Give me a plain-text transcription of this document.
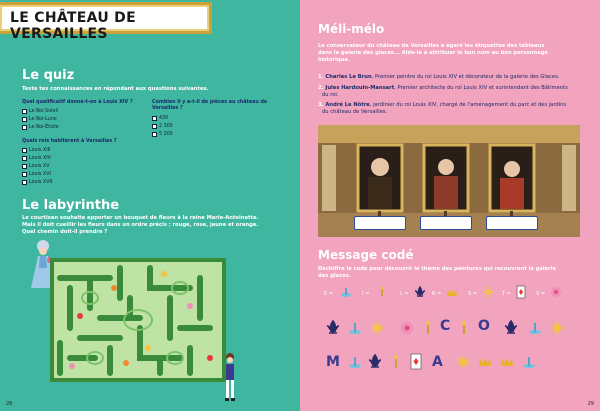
LE CHÂTEAU DE VERSAILLES
Le quiz
Teste tes connaissances en répondant aux questions suivantes.
Quel qualificatif donne-t-on à Louis XIV ?
Le Roi-Soleil
Le Roi-Lune
Le Roi-Étoile
Combien il y a-t-il de pièces au château de Versailles ?
430
2 300
5 200
Quels rois habitèrent à Versailles ?
Louis XIII
Louis XIV
Louis XV
Louis XVI
Louis XVII
Le labyrinthe
Le courtisan souhaite apporter un bouquet de fleurs à la reine Marie-Antoinette.
Mais il doit cueillir les fleurs dans un ordre précis : rouge, rose, jaune et orange.
Quel chemin doit-il prendre ?
28
Méli-mélo
Le conservateur du château de Versailles a égaré les étiquettes des tableaux
dans la galerie des glaces... Aide-le à attribuer le bon nom au bon personnage
historique.
1. Charles Le Brun, Premier peintre du roi Louis XIV et décorateur de la galerie des Glaces.
2. Jules Hardouin-Mansart, Premier architecte du roi Louis XIV et surintendant des Bâtiments
du roi.
3. André Le Nôtre, jardinier du roi Louis XIV, chargé de l'aménagement du parc et des jardins
du château de Versailles.
Message codé
Déchiffre le code pour découvrir le thème des peintures qui recouvrent la galerie
des glaces.
E =	I =	L =	R =	S =	T =	V =
C O
M	A
29
